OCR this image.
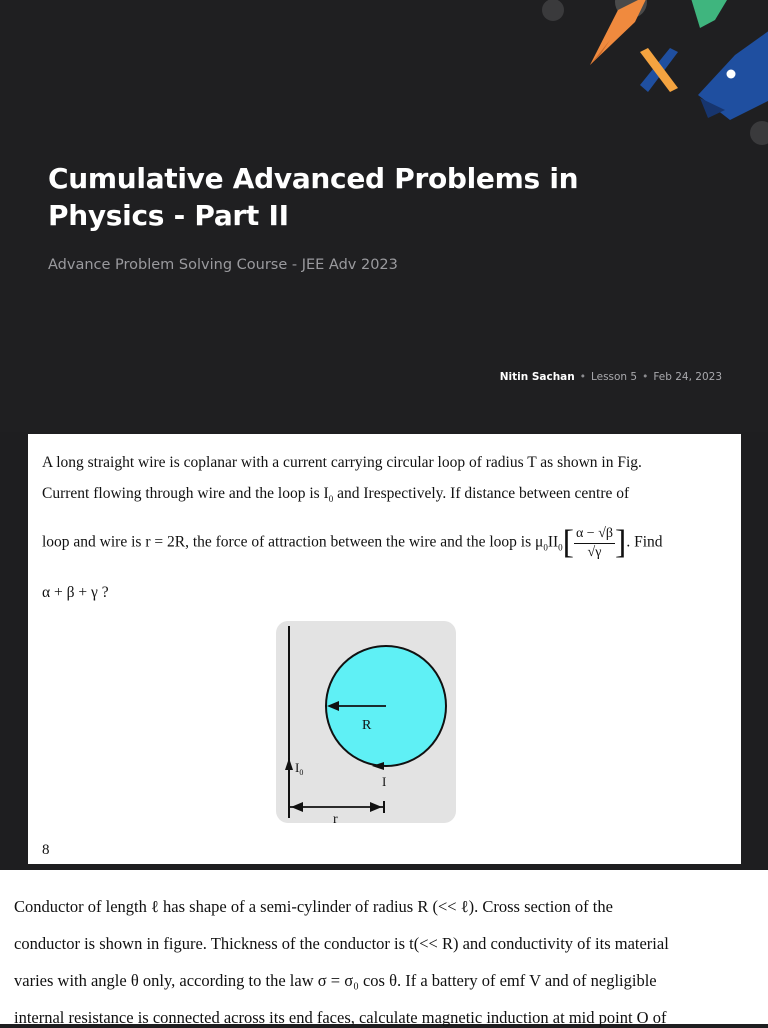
Cumulative Advanced Problems in Physics - Part II
Advance Problem Solving Course - JEE Adv 2023
Nitin Sachan • Lesson 5 • Feb 24, 2023
A long straight wire is coplanar with a current carrying circular loop of radius T as shown in Fig.
Current flowing through wire and the loop is $I_0$ and Irespectively. If distance between centre of
loop and wire is r = 2R, the force of attraction between the wire and the loop is $\mu_0II_0[ \frac{\alpha - √\beta}{√\gamma}$ ]. Find
α + β + γ ?
R
$I_0$
I
r
8
Conductor of length ℓ has shape of a semi-cylinder of radius R (<< ℓ). Cross section of the
conductor is shown in figure. Thickness of the conductor is t(<< R) and conductivity of its material
varies with angle θ only, according to the law σ = σ₀ cos θ. If a battery of emf V and of negligible
internal resistance is connected across its end faces, calculate magnetic induction at mid point O of
